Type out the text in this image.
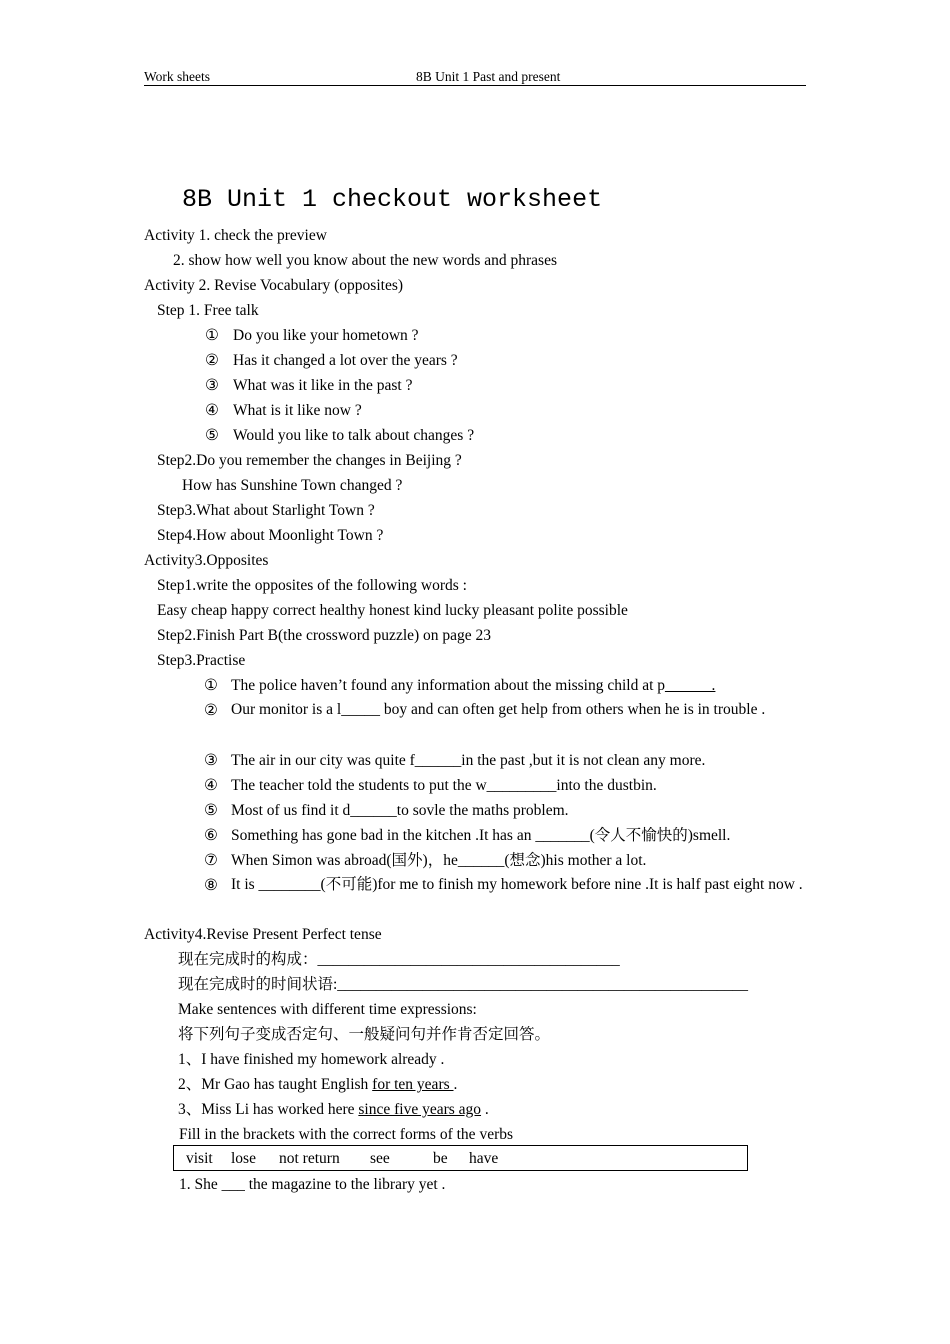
Work sheets	8B Unit 1 Past and present
8B Unit 1 checkout worksheet
Activity 1. check the preview
2. show how well you know about the new words and phrases
Activity 2. Revise Vocabulary (opposites)
Step 1. Free talk
① Do you like your hometown ?
② Has it changed a lot over the years ?
③ What was it like in the past ?
④ What is it like now ?
⑤ Would you like to talk about changes ?
Step2.Do you remember the changes in Beijing ?
How has Sunshine Town changed ?
Step3.What about Starlight Town ?
Step4.How about Moonlight Town ?
Activity3.Opposites
Step1.write the opposites of the following words :
Easy cheap happy correct healthy honest kind lucky pleasant polite possible
Step2.Finish Part B(the crossword puzzle) on page 23
Step3.Practise
① The police haven’t found any information about the missing child at p______.
② Our monitor is a l_____ boy and can often get help from others when he is in trouble .
③ The air in our city was quite f______in the past ,but it is not clean any more.
④ The teacher told the students to put the w_________into the dustbin.
⑤ Most of us find it d______to sovle the maths problem.
⑥ Something has gone bad in the kitchen .It has an _______(令人不愉快的)smell.
⑦ When Simon was abroad(国外)，he______(想念)his mother a lot.
⑧ It is ________(不可能)for me to finish my homework before nine .It is half past eight now .
Activity4.Revise Present Perfect tense
现在完成时的构成：_______________________________________
现在完成时的时间状语:_____________________________________________________
Make sentences with different time expressions:
将下列句子变成否定句、一般疑问句并作肯否定回答。
1、I have finished my homework already .
2、Mr Gao has taught English for ten years .
3、Miss Li has worked here since five years ago .
Fill in the brackets with the correct forms of the verbs
visit lose not return see	be have
1. She ___ the magazine to the library yet .
